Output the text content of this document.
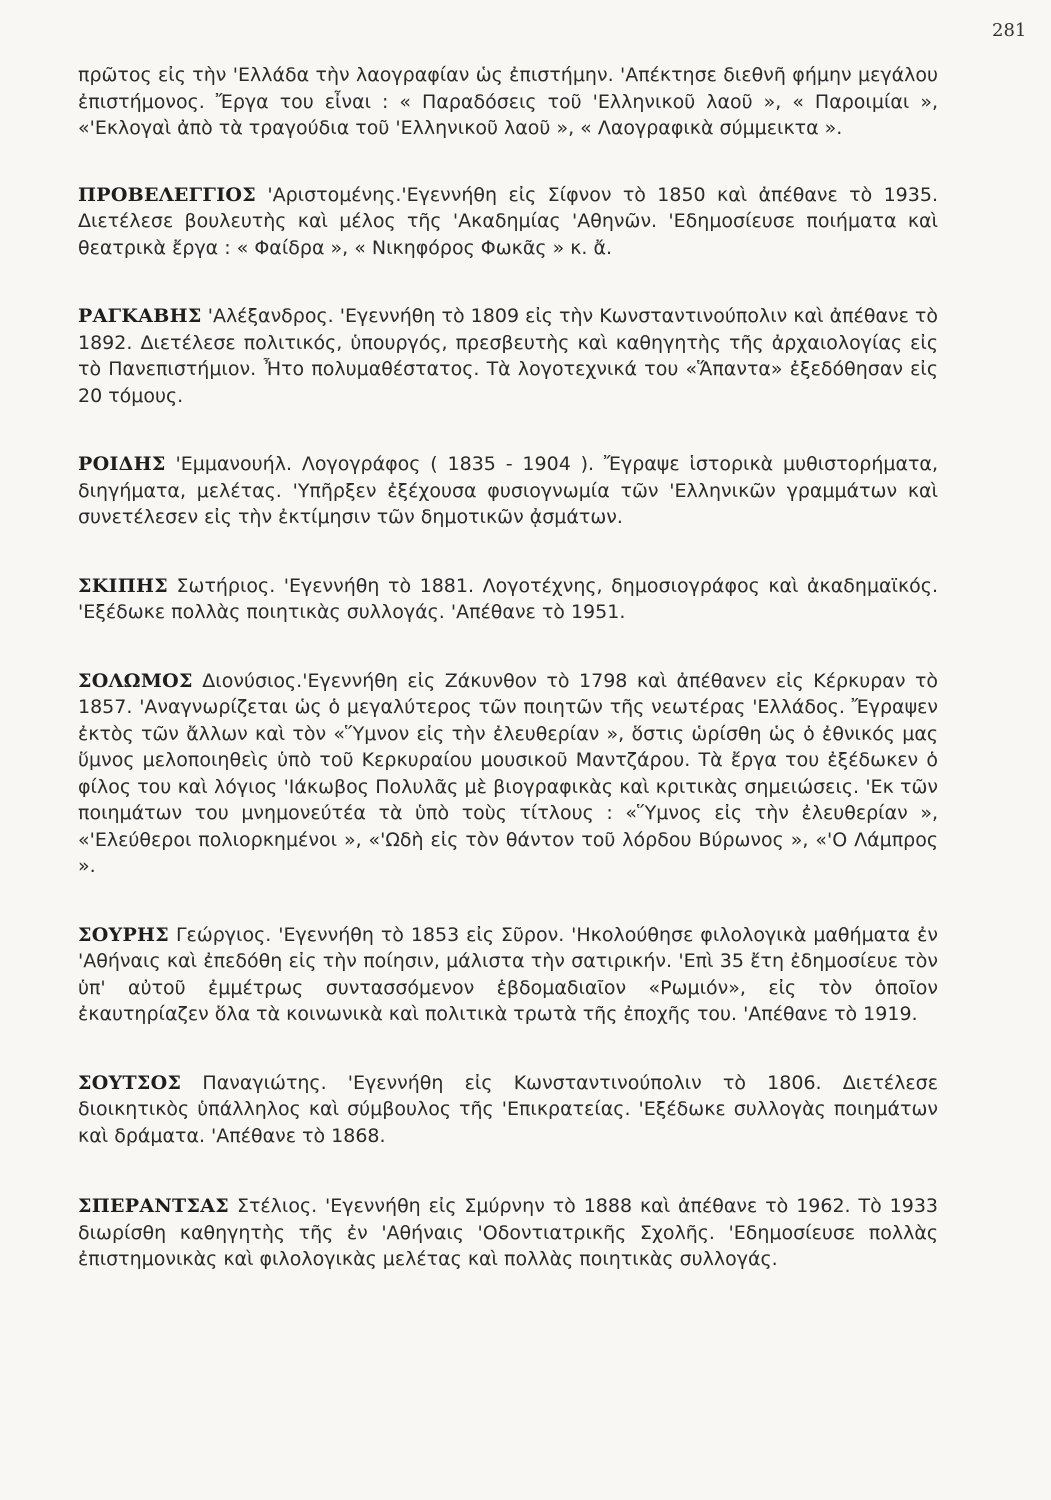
281

πρῶτος εἰς τὴν 'Ελλάδα τὴν λαογραφίαν ὡς ἐπιστήμην. 'Απέκτησε διεθνῆ φήμην μεγάλου ἐπιστήμονος. Ἔργα του εἶναι : « Παραδόσεις τοῦ 'Ελληνικοῦ λαοῦ », « Παροιμίαι », «'Εκλογαὶ ἀπὸ τὰ τραγούδια τοῦ 'Ελληνικοῦ λαοῦ », « Λαογραφικὰ σύμμεικτα ».

ΠΡΟΒΕΛΕΓΓΙΟΣ 'Αριστομένης.'Εγεννήθη εἰς Σίφνον τὸ 1850 καὶ ἀπέθανε τὸ 1935. Διετέλεσε βουλευτὴς καὶ μέλος τῆς 'Ακαδημίας 'Αθηνῶν. 'Εδημοσίευσε ποιήματα καὶ θεατρικὰ ἔργα : « Φαίδρα », « Νικηφόρος Φωκᾶς » κ. ἄ.

ΡΑΓΚΑΒΗΣ 'Αλέξανδρος. 'Εγεννήθη τὸ 1809 εἰς τὴν Κωνσταντινούπολιν καὶ ἀπέθανε τὸ 1892. Διετέλεσε πολιτικός, ὑπουργός, πρεσβευτὴς καὶ καθηγητὴς τῆς ἀρχαιολογίας εἰς τὸ Πανεπιστήμιον. Ἦτο πολυμαθέστατος. Τὰ λογοτεχνικά του «Ἅπαντα» ἐξεδόθησαν εἰς 20 τόμους.

ΡΟΙΔΗΣ 'Εμμανουήλ. Λογογράφος ( 1835 - 1904 ). Ἔγραψε ἱστορικὰ μυθιστορήματα, διηγήματα, μελέτας. 'Υπῆρξεν ἐξέχουσα φυσιογνωμία τῶν 'Ελληνικῶν γραμμάτων καὶ συνετέλεσεν εἰς τὴν ἐκτίμησιν τῶν δημοτικῶν ᾀσμάτων.

ΣΚΙΠΗΣ Σωτήριος. 'Εγεννήθη τὸ 1881. Λογοτέχνης, δημοσιογράφος καὶ ἀκαδημαϊκός. 'Εξέδωκε πολλὰς ποιητικὰς συλλογάς. 'Απέθανε τὸ 1951.

ΣΟΛΩΜΟΣ Διονύσιος.'Εγεννήθη εἰς Ζάκυνθον τὸ 1798 καὶ ἀπέθανεν εἰς Κέρκυραν τὸ 1857. 'Αναγνωρίζεται ὡς ὁ μεγαλύτερος τῶν ποιητῶν τῆς νεωτέρας 'Ελλάδος. Ἔγραψεν ἐκτὸς τῶν ἄλλων καὶ τὸν «Ὕμνον εἰς τὴν ἐλευθερίαν », ὅστις ὡρίσθη ὡς ὁ ἐθνικός μας ὕμνος μελοποιηθεὶς ὑπὸ τοῦ Κερκυραίου μουσικοῦ Μαντζάρου. Τὰ ἔργα του ἐξέδωκεν ὁ φίλος του καὶ λόγιος 'Ιάκωβος Πολυλᾶς μὲ βιογραφικὰς καὶ κριτικὰς σημειώσεις. 'Εκ τῶν ποιημάτων του μνημονεύτέα τὰ ὑπὸ τοὺς τίτλους : «Ὕμνος εἰς τὴν ἐλευθερίαν », «'Ελεύθεροι πολιορκημένοι », «'Ωδὴ εἰς τὸν θάντον τοῦ λόρδου Βύρωνος », «'Ο Λάμπρος ».

ΣΟΥΡΗΣ Γεώργιος. 'Εγεννήθη τὸ 1853 εἰς Σῦρον. 'Ηκολούθησε φιλολογικὰ μαθήματα ἐν 'Αθήναις καὶ ἐπεδόθη εἰς τὴν ποίησιν, μάλιστα τὴν σατιρικήν. 'Επὶ 35 ἔτη ἐδημοσίευε τὸν ὑπ' αὐτοῦ ἐμμέτρως συντασσόμενον ἑβδομαδιαῖον «Ρωμιόν», εἰς τὸν ὁποῖον ἐκαυτηρίαζεν ὅλα τὰ κοινωνικὰ καὶ πολιτικὰ τρωτὰ τῆς ἐποχῆς του. 'Απέθανε τὸ 1919.

ΣΟΥΤΣΟΣ Παναγιώτης. 'Εγεννήθη εἰς Κωνσταντινούπολιν τὸ 1806. Διετέλεσε διοικητικὸς ὑπάλληλος καὶ σύμβουλος τῆς 'Επικρατείας. 'Εξέδωκε συλλογὰς ποιημάτων καὶ δράματα. 'Απέθανε τὸ 1868.

ΣΠΕΡΑΝΤΣΑΣ Στέλιος. 'Εγεννήθη εἰς Σμύρνην τὸ 1888 καὶ ἀπέθανε τὸ 1962. Τὸ 1933 διωρίσθη καθηγητὴς τῆς ἐν 'Αθήναις 'Οδοντιατρικῆς Σχολῆς. 'Εδημοσίευσε πολλὰς ἐπιστημονικὰς καὶ φιλολογικὰς μελέτας καὶ πολλὰς ποιητικὰς συλλογάς.
